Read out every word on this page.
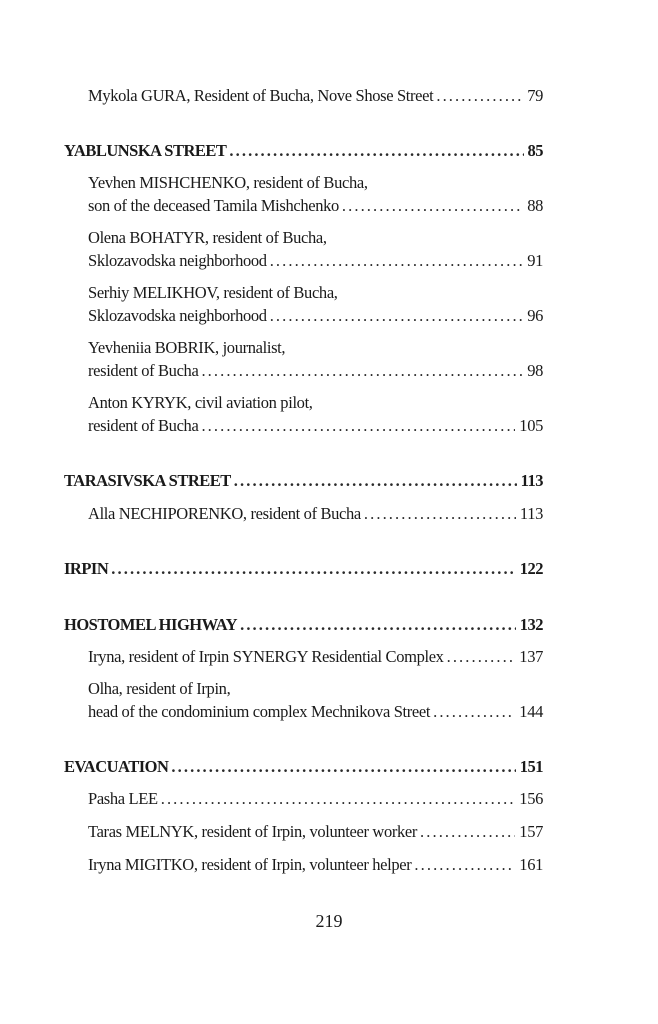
Mykola GURA, Resident of Bucha, Nove Shose Street .....	79
YABLUNSKA STREET .....	85
Yevhen MISHCHENKO, resident of Bucha,
son of the deceased Tamila Mishchenko .....	88
Olena BOHATYR, resident of Bucha,
Sklozavodska neighborhood .....	91
Serhiy MELIKHOV, resident of Bucha,
Sklozavodska neighborhood .....	96
Yevheniia BOBRIK, journalist,
resident of Bucha .....	98
Anton KYRYK, civil aviation pilot,
resident of Bucha .....	105
TARASIVSKA STREET .....	113
Alla NECHIPORENKO, resident of Bucha .....	113
IRPIN .....	122
HOSTOMEL HIGHWAY .....	132
Iryna, resident of Irpin SYNERGY Residential Complex .....	137
Olha, resident of Irpin,
head of the condominium complex Mechnikova Street .....	144
EVACUATION .....	151
Pasha LEE .....	156
Taras MELNYK, resident of Irpin, volunteer worker .....	157
Iryna MIGITKO, resident of Irpin, volunteer helper .....	161
219
